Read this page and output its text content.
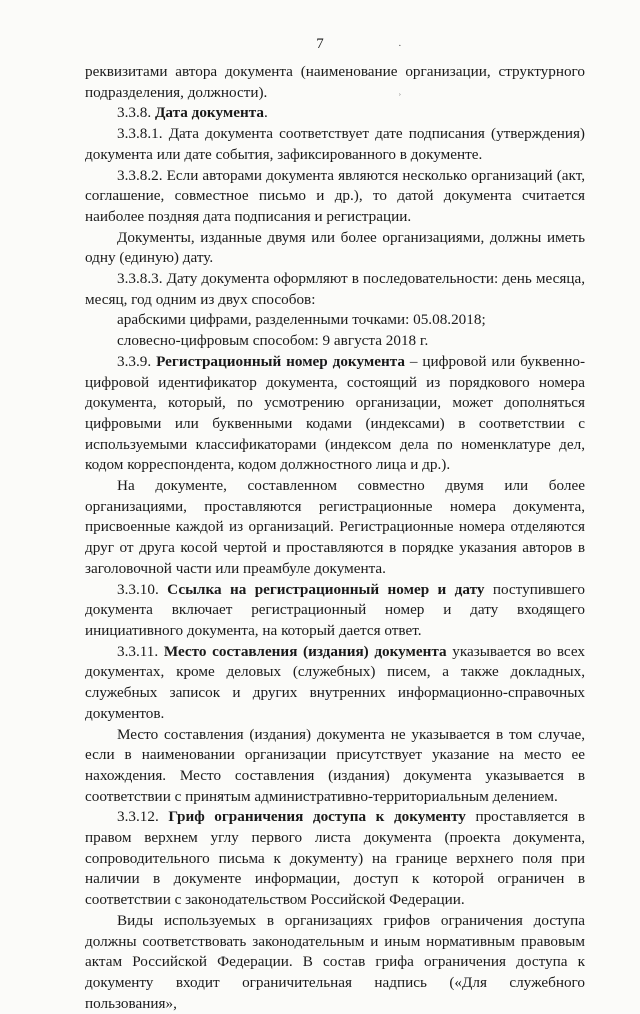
7	·
ʾ

реквизитами автора документа (наименование организации, структурного подразделения, должности).

3.3.8. Дата документа.

3.3.8.1. Дата документа соответствует дате подписания (утверждения) документа или дате события, зафиксированного в документе.

3.3.8.2. Если авторами документа являются несколько организаций (акт, соглашение, совместное письмо и др.), то датой документа считается наиболее поздняя дата подписания и регистрации.

Документы, изданные двумя или более организациями, должны иметь одну (единую) дату.

3.3.8.3. Дату документа оформляют в последовательности: день месяца, месяц, год одним из двух способов:

арабскими цифрами, разделенными точками: 05.08.2018;

словесно-цифровым способом: 9 августа 2018 г.

3.3.9. Регистрационный номер документа – цифровой или буквенно-цифровой идентификатор документа, состоящий из порядкового номера документа, который, по усмотрению организации, может дополняться цифровыми или буквенными кодами (индексами) в соответствии с используемыми классификаторами (индексом дела по номенклатуре дел, кодом корреспондента, кодом должностного лица и др.).

На документе, составленном совместно двумя или более организациями, проставляются регистрационные номера документа, присвоенные каждой из организаций. Регистрационные номера отделяются друг от друга косой чертой и проставляются в порядке указания авторов в заголовочной части или преамбуле документа.

3.3.10. Ссылка на регистрационный номер и дату поступившего документа включает регистрационный номер и дату входящего инициативного документа, на который дается ответ.

3.3.11. Место составления (издания) документа указывается во всех документах, кроме деловых (служебных) писем, а также докладных, служебных записок и других внутренних информационно-справочных документов.

Место составления (издания) документа не указывается в том случае, если в наименовании организации присутствует указание на место ее нахождения. Место составления (издания) документа указывается в соответствии с принятым административно-территориальным делением.

3.3.12. Гриф ограничения доступа к документу проставляется в правом верхнем углу первого листа документа (проекта документа, сопроводительного письма к документу) на границе верхнего поля при наличии в документе информации, доступ к которой ограничен в соответствии с законодательством Российской Федерации.

Виды используемых в организациях грифов ограничения доступа должны соответствовать законодательным и иным нормативным правовым актам Российской Федерации. В состав грифа ограничения доступа к документу входит ограничительная надпись («Для служебного пользования»,
